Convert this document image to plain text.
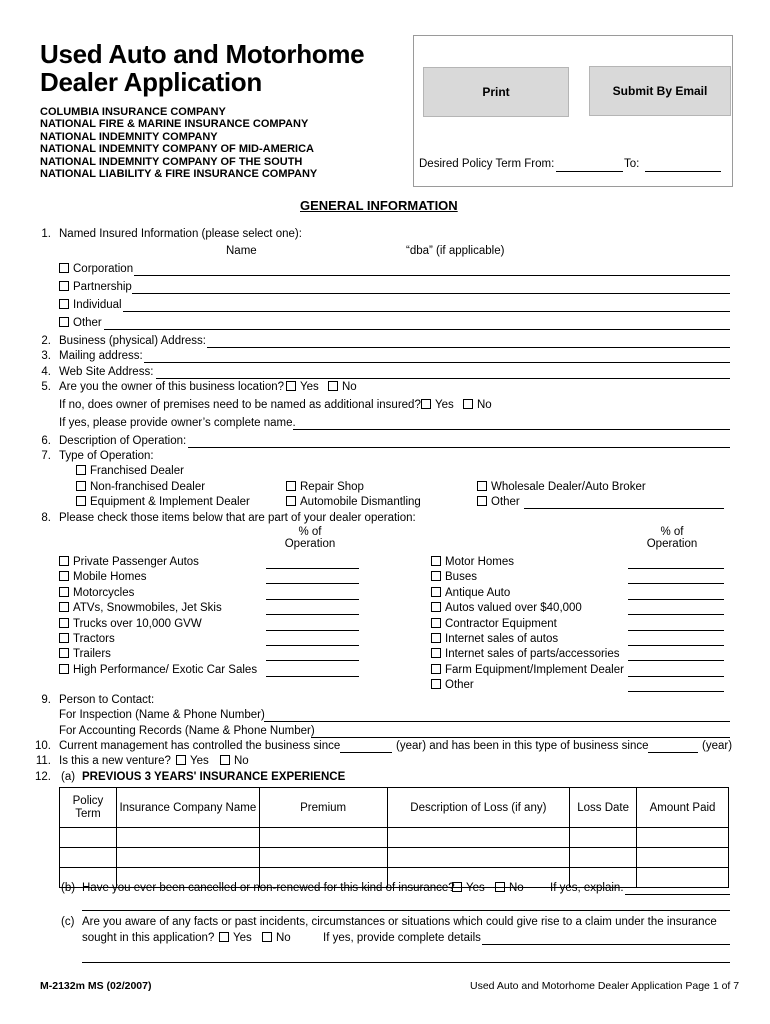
Used Auto and Motorhome
Dealer Application
COLUMBIA INSURANCE COMPANY
NATIONAL FIRE & MARINE INSURANCE COMPANY
NATIONAL INDEMNITY COMPANY
NATIONAL INDEMNITY COMPANY OF MID-AMERICA
NATIONAL INDEMNITY COMPANY OF THE SOUTH
NATIONAL LIABILITY & FIRE INSURANCE COMPANY
Print	Submit By Email
Desired Policy Term From:	To:
GENERAL INFORMATION
1. Named Insured Information (please select one):
Name	“dba” (if applicable)
Corporation
Partnership
Individual
Other
2. Business (physical) Address:
3. Mailing address:
4. Web Site Address:
5. Are you the owner of this business location?	Yes	No
If no, does owner of premises need to be named as additional insured?	Yes	No
If yes, please provide owner’s complete name.
6. Description of Operation:
7. Type of Operation:
Franchised Dealer
Non-franchised Dealer	Repair Shop	Wholesale Dealer/Auto Broker
Equipment & Implement Dealer	Automobile Dismantling	Other
8. Please check those items below that are part of your dealer operation:
% of
Operation
% of
Operation
Private Passenger Autos
Mobile Homes
Motorcycles
ATVs, Snowmobiles, Jet Skis
Trucks over 10,000 GVW
Tractors
Trailers
High Performance/ Exotic Car Sales
Motor Homes
Buses
Antique Auto
Autos valued over $40,000
Contractor Equipment
Internet sales of autos
Internet sales of parts/accessories
Farm Equipment/Implement Dealer
Other
9. Person to Contact:
For Inspection (Name & Phone Number)
For Accounting Records (Name & Phone Number)
10. Current management has controlled the business since	(year) and has been in this type of business since	(year)
11. Is this a new venture?	Yes	No
12. (a) PREVIOUS 3 YEARS' INSURANCE EXPERIENCE
Policy Term	Insurance Company Name	Premium	Description of Loss (if any)	Loss Date	Amount Paid

(b) Have you ever been cancelled or non-renewed for this kind of insurance? Yes	No If yes, explain.
(c) Are you aware of any facts or past incidents, circumstances or situations which could give rise to a claim under the insurance
sought in this application?	Yes	No	If yes, provide complete details
M-2132m MS (02/2007)	Used Auto and Motorhome Dealer Application Page 1 of 7
